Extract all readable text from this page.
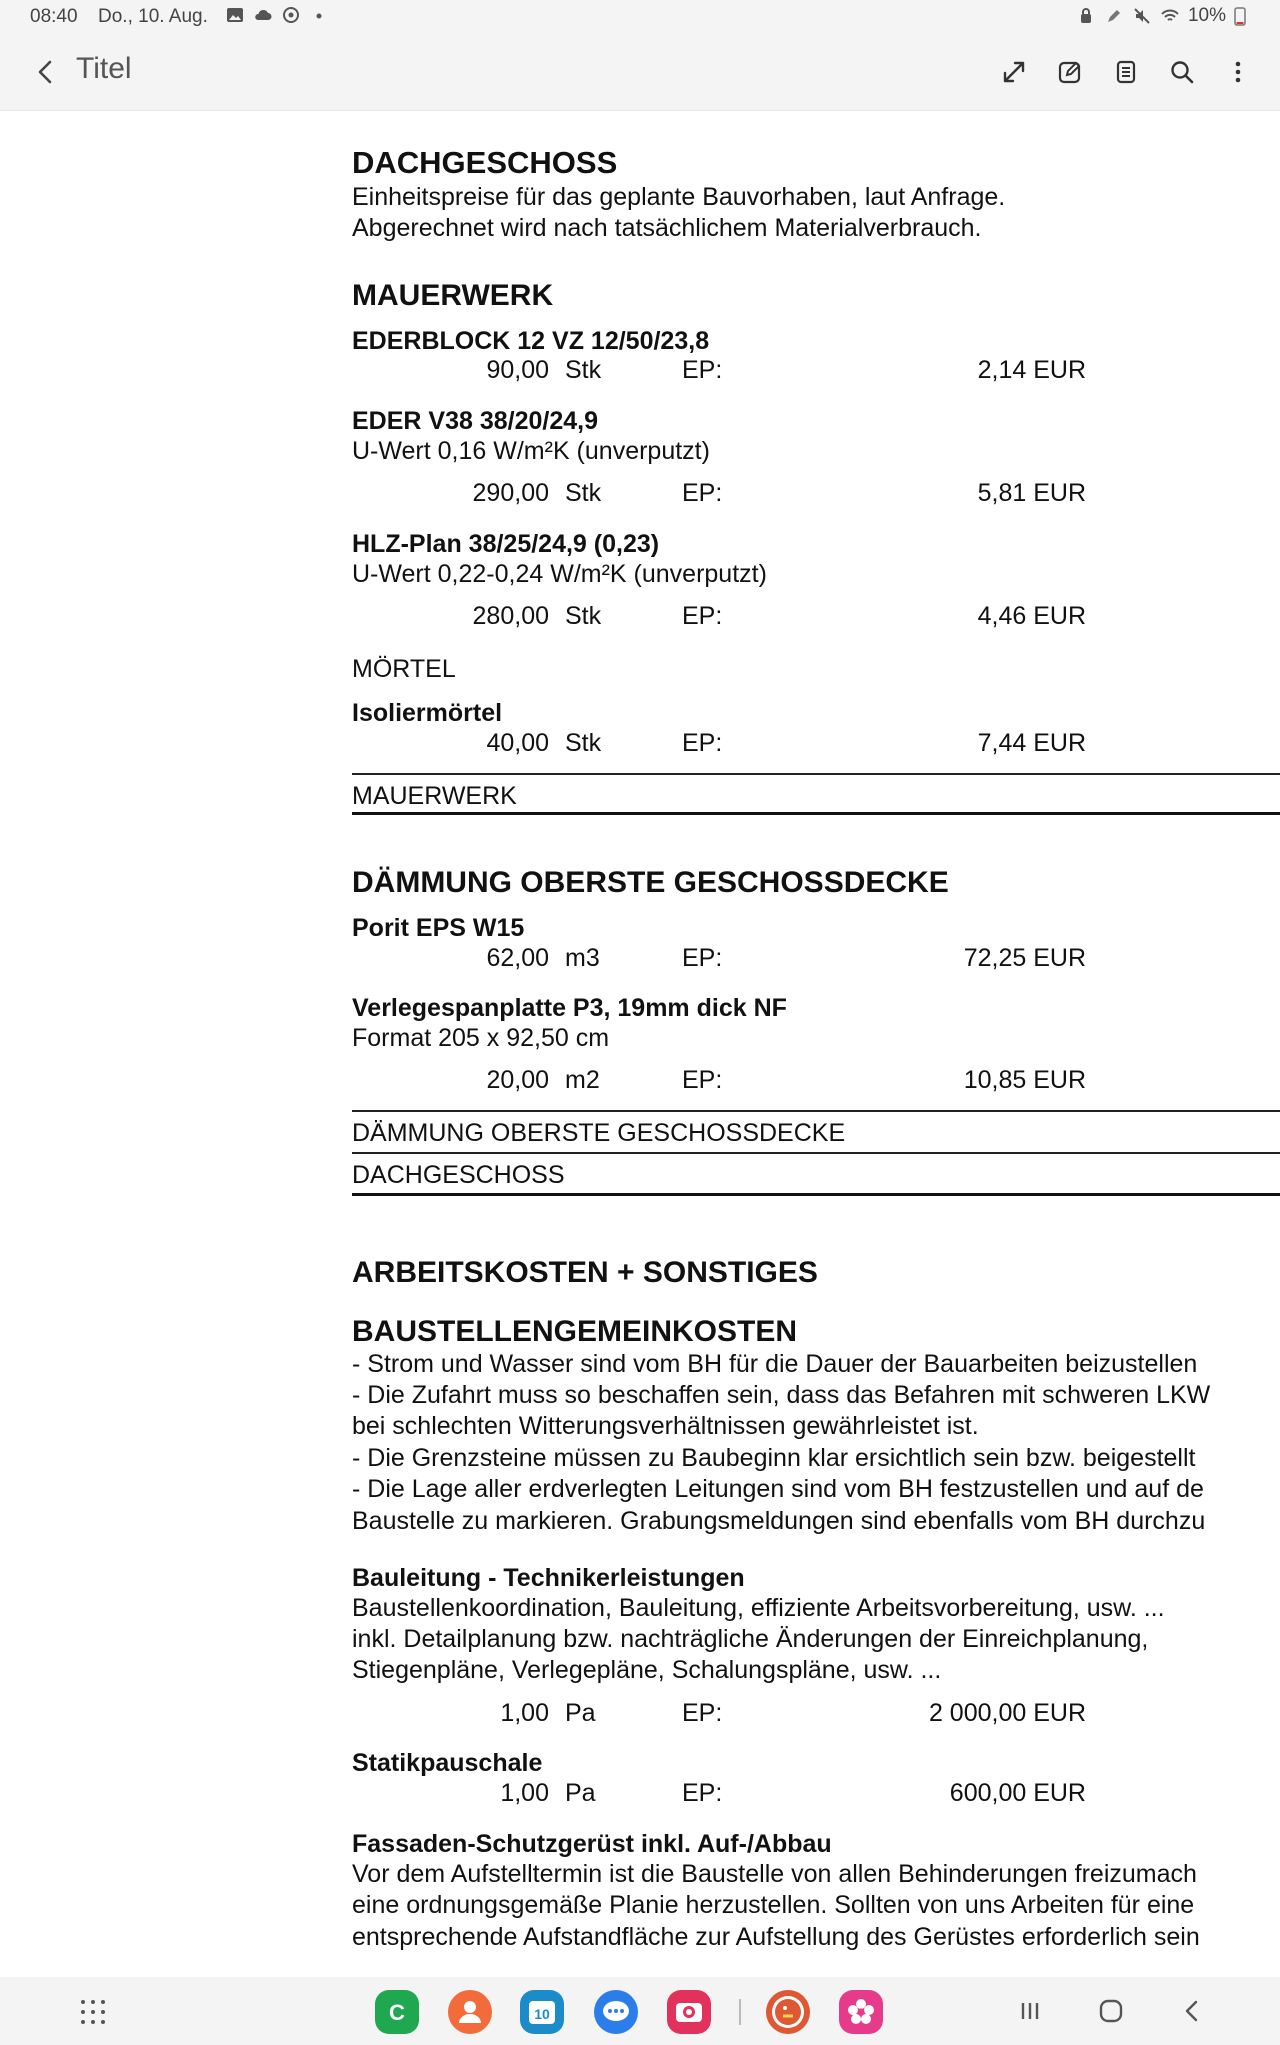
08:40 Do., 10. Aug.	10%
Titel
DACHGESCHOSS
Einheitspreise für das geplante Bauvorhaben, laut Anfrage.
Abgerechnet wird nach tatsächlichem Materialverbrauch.
MAUERWERK
EDERBLOCK 12 VZ 12/50/23,8
90,00 Stk	EP:	2,14 EUR
EDER V38 38/20/24,9
U-Wert 0,16 W/m²K (unverputzt)
290,00 Stk	EP:	5,81 EUR
HLZ-Plan 38/25/24,9 (0,23)
U-Wert 0,22-0,24 W/m²K (unverputzt)
280,00 Stk	EP:	4,46 EUR
MÖRTEL
Isoliermörtel
40,00 Stk	EP:	7,44 EUR
MAUERWERK
DÄMMUNG OBERSTE GESCHOSSDECKE
Porit EPS W15
62,00 m3	EP:	72,25 EUR
Verlegespanplatte P3, 19mm dick NF
Format 205 x 92,50 cm
20,00 m2	EP:	10,85 EUR
DÄMMUNG OBERSTE GESCHOSSDECKE
DACHGESCHOSS
ARBEITSKOSTEN + SONSTIGES
BAUSTELLENGEMEINKOSTEN
- Strom und Wasser sind vom BH für die Dauer der Bauarbeiten beizustellen
- Die Zufahrt muss so beschaffen sein, dass das Befahren mit schweren LKW
bei schlechten Witterungsverhältnissen gewährleistet ist.
- Die Grenzsteine müssen zu Baubeginn klar ersichtlich sein bzw. beigestellt
- Die Lage aller erdverlegten Leitungen sind vom BH festzustellen und auf de
Baustelle zu markieren. Grabungsmeldungen sind ebenfalls vom BH durchzu
Bauleitung - Technikerleistungen
Baustellenkoordination, Bauleitung, effiziente Arbeitsvorbereitung, usw. ...
inkl. Detailplanung bzw. nachträgliche Änderungen der Einreichplanung,
Stiegenpläne, Verlegepläne, Schalungspläne, usw. ...
1,00 Pa	EP:	2 000,00 EUR
Statikpauschale
1,00 Pa	EP:	600,00 EUR
Fassaden-Schutzgerüst inkl. Auf-/Abbau
Vor dem Aufstelltermin ist die Baustelle von allen Behinderungen freizumach
eine ordnungsgemäße Planie herzustellen. Sollten von uns Arbeiten für eine
entsprechende Aufstandfläche zur Aufstellung des Gerüstes erforderlich sein
C	10
